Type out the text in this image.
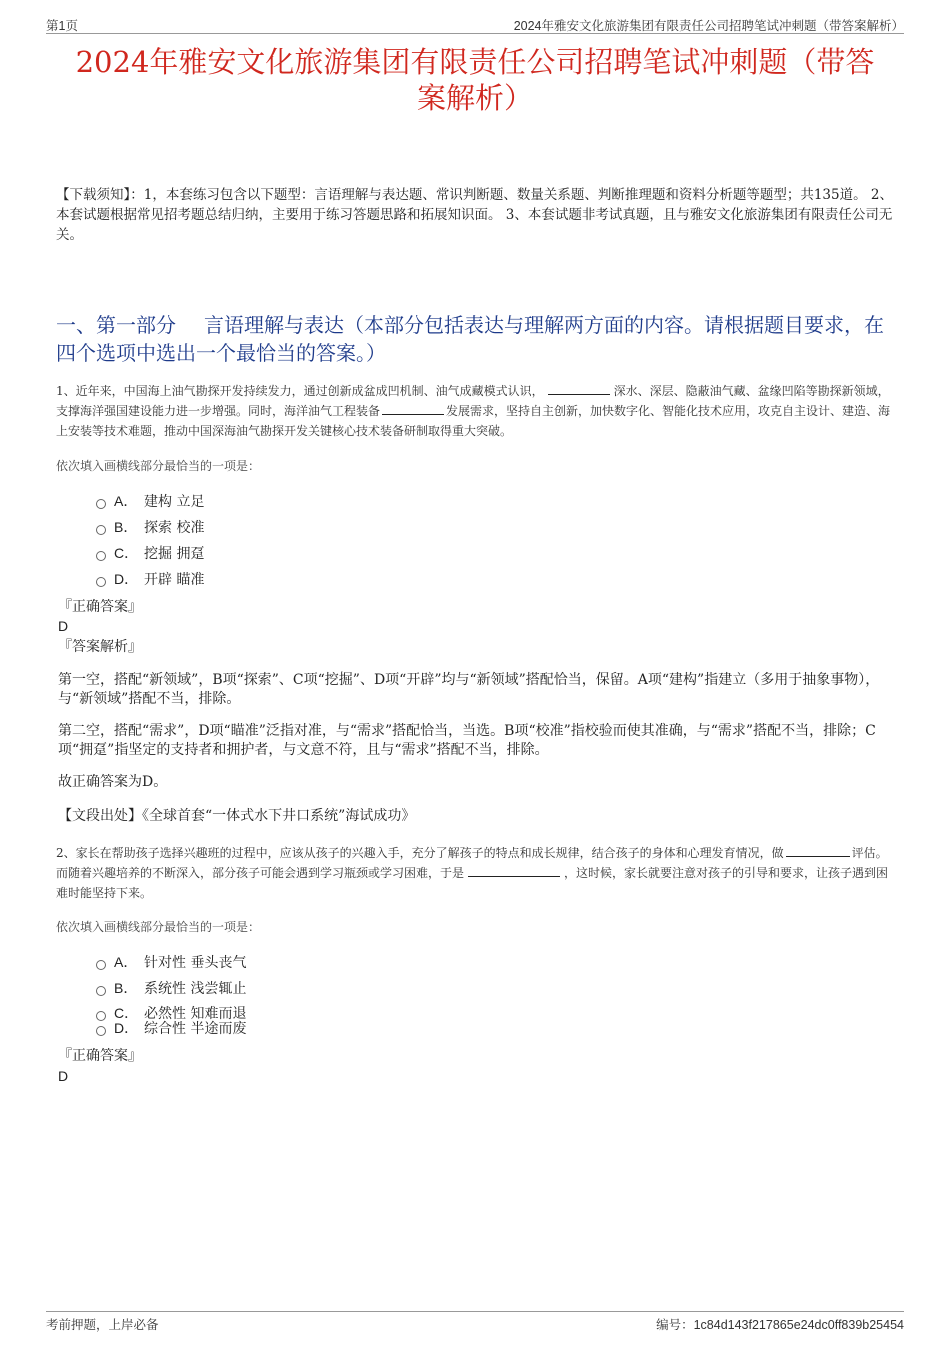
第1页	2024年雅安文化旅游集团有限责任公司招聘笔试冲刺题（带答案解析）
2024年雅安文化旅游集团有限责任公司招聘笔试冲刺题（带答
案解析）
【下载须知】：1，本套练习包含以下题型：言语理解与表达题、常识判断题、数量关系题、判断推理题和资料分析题等题型；共135道。 2、本套试题根据常见招考题总结归纳，主要用于练习答题思路和拓展知识面。 3、本套试题非考试真题，且与雅安文化旅游集团有限责任公司无关。
一、第一部分 言语理解与表达（本部分包括表达与理解两方面的内容。请根据题目要求，在四个选项中选出一个最恰当的答案。）
1、近年来，中国海上油气勘探开发持续发力，通过创新成盆成凹机制、油气成藏模式认识，	深水、深层、隐蔽油气藏、盆缘凹陷等勘探新领域，支撑海洋强国建设能力进一步增强。同时，海洋油气工程装备	发展需求，坚持自主创新，加快数字化、智能化技术应用，攻克自主设计、建造、海上安装等技术难题，推动中国深海油气勘探开发关键核心技术装备研制取得重大突破。
依次填入画横线部分最恰当的一项是：
A． 建构 立足
B． 探索 校准
C． 挖掘 拥趸
D． 开辟 瞄准
『正确答案』
D
『答案解析』
第一空，搭配“新领域”，B项“探索”、C项“挖掘”、D项“开辟”均与“新领域”搭配恰当，保留。A项“建构”指建立（多用于抽象事物），与“新领域”搭配不当，排除。
第二空，搭配“需求”，D项“瞄准”泛指对准，与“需求”搭配恰当，当选。B项“校准”指校验而使其准确，与“需求”搭配不当，排除；C项“拥趸”指坚定的支持者和拥护者，与文意不符，且与“需求”搭配不当，排除。
故正确答案为D。
【文段出处】《全球首套“一体式水下井口系统”海试成功》
2、家长在帮助孩子选择兴趣班的过程中，应该从孩子的兴趣入手，充分了解孩子的特点和成长规律，结合孩子的身体和心理发育情况，做	评估。而随着兴趣培养的不断深入，部分孩子可能会遇到学习瓶颈或学习困难，于是	，这时候，家长就要注意对孩子的引导和要求，让孩子遇到困难时能坚持下来。
依次填入画横线部分最恰当的一项是：
A． 针对性 垂头丧气
B． 系统性 浅尝辄止
C． 必然性 知难而退
D． 综合性 半途而废
『正确答案』
D
考前押题，上岸必备	编号：1c84d143f217865e24dc0ff839b25454
